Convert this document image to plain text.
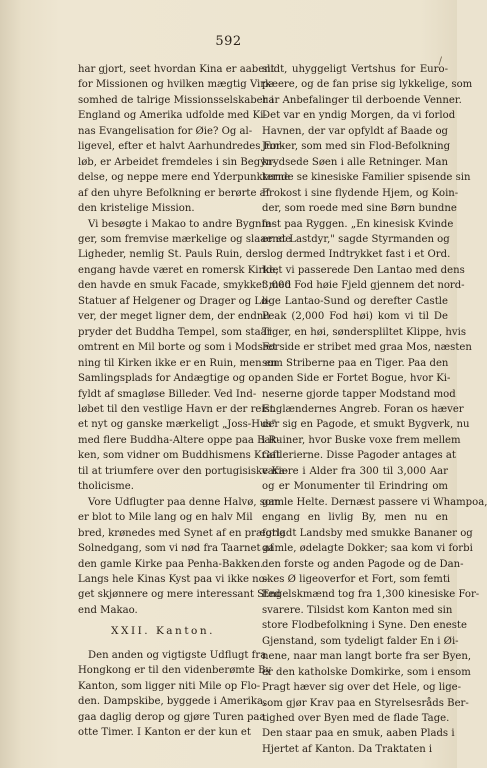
592
/
har gjort, seet hvordan Kina er aabent
for Missionen og hvilken mægtig Virk-
somhed de talrige Missionsselskaber i
England og Amerika udfolde med Ki-
nas Evangelisation for Øie? Og al-
ligevel, efter et halvt Aarhundredes For-
løb, er Arbeidet fremdeles i sin Begyn-
delse, og neppe mere end Yderpunkterne
af den uhyre Befolkning er berørte af
den kristelige Mission.
Vi besøgte i Makao to andre Bygnin-
ger, som fremvise mærkelige og slaaende
Ligheder, nemlig St. Pauls Ruin, der
engang havde været en romersk Kirke;
den havde en smuk Facade, smykket med
Statuer af Helgener og Drager og Lø-
ver, der meget ligner dem, der endnu
pryder det Buddha Tempel, som staar
omtrent en Mil borte og som i Modsæt
ning til Kirken ikke er en Ruin, men en
Samlingsplads for Andægtige og op
fyldt af smagløse Billeder. Ved Ind-
løbet til den vestlige Havn er der reist
et nyt og ganske mærkeligt „Joss-Hus"
med flere Buddha-Altere oppe paa Bak-
ken, som vidner om Buddhismens Kraft
til at triumfere over den portugisiske Ka-
tholicisme.
Vore Udflugter paa denne Halvø, som
er blot to Mile lang og en halv Mil
bred, krønedes med Synet af en prægtig
Solnedgang, som vi nød fra Taarnet af
den gamle Kirke paa Penha-Bakken.
Langs hele Kinas Kyst paa vi ikke no-
get skjønnere og mere interessant Sted
end Makao.
XXII. Kanton.
Den anden og vigtigste Udflugt fra
Hongkong er til den videnberømte By
Kanton, som ligger niti Mile op Flo-
den. Dampskibe, byggede i Amerika,
gaa daglig derop og gjøre Turen paa
otte Timer. I Kanton er der kun et
slidt, uhyggeligt Vertshus for Euro-
pæere, og de fan prise sig lykkelige, som
har Anbefalinger til derboende Venner.
Det var en yndig Morgen, da vi forlod
Havnen, der var opfyldt af Baade og
Junker, som med sin Flod-Befolkning
krydsede Søen i alle Retninger. Man
kunde se kinesiske Familier spisende sin
Frokost i sine flydende Hjem, og Koin-
der, som roede med sine Børn bundne
fast paa Ryggen. „En kinesisk Kvinde
er et Lastdyr," sagde Styrmanden og
slog dermed Indtrykket fast i et Ord.
Idet vi passerede Den Lantao med dens
3,000 Fod høie Fjeld gjennem det nord-
lige Lantao-Sund og derefter Castle
Peak (2,000 Fod høi) kom vi til De
Tiger, en høi, sønderspliltet Klippe, hvis
Forside er stribet med graa Mos, næsten
som Striberne paa en Tiger. Paa den
anden Side er Fortet Bogue, hvor Ki-
neserne gjorde tapper Modstand mod
Englændernes Angreb. Foran os hæver
der sig en Pagode, et smukt Bygverk, nu
i Ruiner, hvor Buske voxe frem mellem
Gallerierne. Disse Pagoder antages at
variere i Alder fra 300 til 3,000 Aar
og er Monumenter til Erindring om
gamle Helte. Dernæst passere vi Whampoa,
engang en livlig By, men nu en
forladt Landsby med smukke Bananer og
gamle, ødelagte Dokker; saa kom vi forbi
den forste og anden Pagode og de Dan-
skes Ø ligeoverfor et Fort, som femti
Engelskmænd tog fra 1,300 kinesiske For-
svarere. Tilsidst kom Kanton med sin
store Flodbefolkning i Syne. Den eneste
Gjenstand, som tydeligt falder En i Øi-
nene, naar man langt borte fra ser Byen,
er den katholske Domkirke, som i ensom
Pragt hæver sig over det Hele, og lige-
som gjør Krav paa en Styrelsesråds Ber-
tighed over Byen med de flade Tage.
Den staar paa en smuk, aaben Plads i
Hjertet af Kanton. Da Traktaten i
